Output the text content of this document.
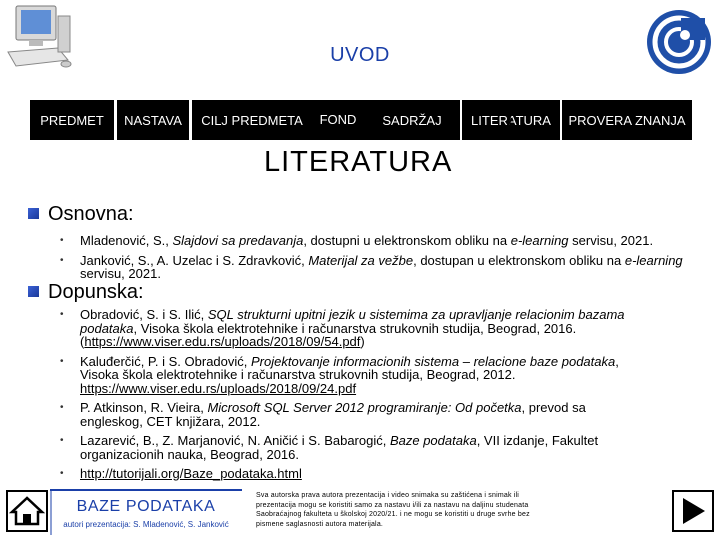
UVOD
PREDMET	NASTAVA	CILJ PREDMETA	FOND	SADRŽAJ	LITERATURA	PROVERA ZNANJA
LITERATURA
Osnovna:
• Mladenović, S., Slajdovi sa predavanja, dostupni u elektronskom obliku na e-learning servisu, 2021.
• Janković, S., A. Uzelac i S. Zdravković, Materijal za vežbe, dostupan u elektronskom obliku na e-learning servisu, 2021.
Dopunska:
• Obradović, S. i S. Ilić, SQL strukturni upitni jezik u sistemima za upravljanje relacionim bazama podataka, Visoka škola elektrotehnike i računarstva strukovnih studija, Beograd, 2016. (https://www.viser.edu.rs/uploads/2018/09/54.pdf)
• Kaluđerčić, P. i S. Obradović, Projektovanje informacionih sistema – relacione baze podataka, Visoka škola elektrotehnike i računarstva strukovnih studija, Beograd, 2012. https://www.viser.edu.rs/uploads/2018/09/24.pdf
• P. Atkinson, R. Vieira, Microsoft SQL Server 2012 programiranje: Od početka, prevod sa engleskog, CET knjižara, 2012.
• Lazarević, B., Z. Marjanović, N. Aničić i S. Babarogić, Baze podataka, VII izdanje, Fakultet organizacionih nauka, Beograd, 2016.
• http://tutorijali.org/Baze_podataka.html
BAZE PODATAKA
autori prezentacija: S. Mladenović, S. Janković
Sva autorska prava autora prezentacija i video snimaka su zaštićena i snimak ili prezentacija mogu se koristiti samo za nastavu i/ili za nastavu na daljinu studenata Saobraćajnog fakulteta u školskoj 2020/21. i ne mogu se koristiti u druge svrhe bez pismene saglasnosti autora materijala.
